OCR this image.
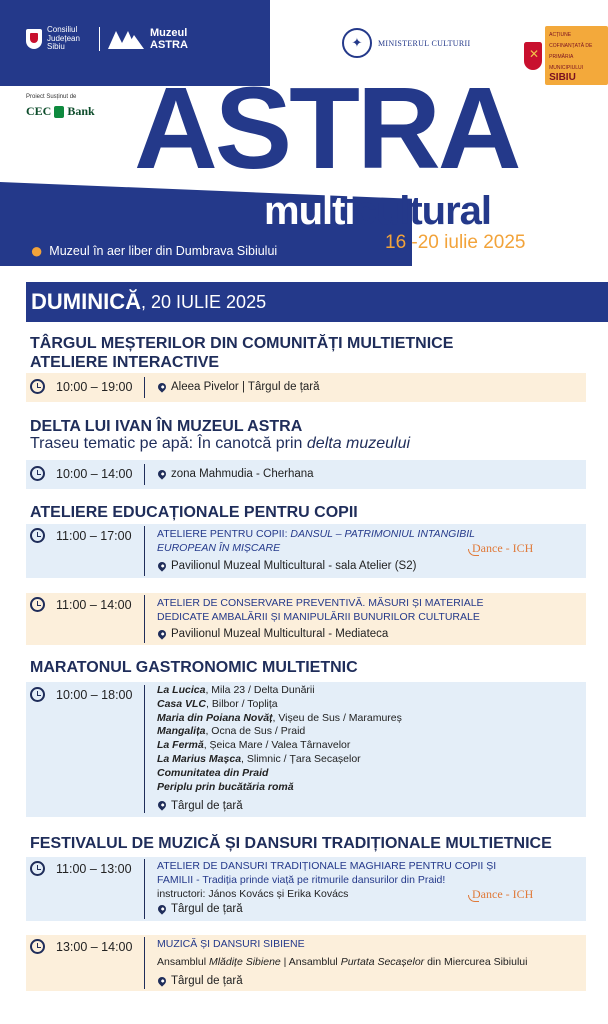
Consiliul
Județean
Sibiu
Muzeul
ASTRA	✦	MINISTERUL CULTURII
✕
ACȚIUNE COFINANȚATĂ DE
PRIMĂRIA MUNICIPIULUI
SIBIU
Proiect Susținut de
CEC Bank ASTRA
multicultural
16 -20 iulie 2025
● Muzeul în aer liber din Dumbrava Sibiului
DUMINICĂ , 20 IULIE 2025
TÂRGUL MEȘTERILOR DIN COMUNITĂȚI MULTIETNICE
ATELIERE INTERACTIVE
10:00 – 19:00	Aleea Pivelor | Târgul de țară
DELTA LUI IVAN ÎN MUZEUL ASTRA
Traseu tematic pe apă: În canotcă prin delta muzeului
10:00 – 14:00	zona Mahmudia - Cherhana
ATELIERE EDUCAȚIONALE PENTRU COPII
11:00 – 17:00 ATELIERE PENTRU COPII: DANSUL – PATRIMONIUL INTANGIBIL
EUROPEAN ÎN MIȘCARE
Pavilionul Muzeal Multicultural - sala Atelier (S2)
Dance - ICH
11:00 – 14:00 ATELIER DE CONSERVARE PREVENTIVĂ. MĂSURI ȘI MATERIALE
DEDICATE AMBALĂRII ȘI MANIPULĂRII BUNURILOR CULTURALE
Pavilionul Muzeal Multicultural - Mediateca
MARATONUL GASTRONOMIC MULTIETNIC
10:00 – 18:00 La Lucica, Mila 23 / Delta Dunării
Casa VLC, Bilbor / Toplița
Maria din Poiana Novăț, Vișeu de Sus / Maramureș
Mangalița, Ocna de Sus / Praid
La Fermă, Șeica Mare / Valea Târnavelor
La Marius Mașca, Slimnic / Țara Secașelor
Comunitatea din Praid
Periplu prin bucătăria romă
Târgul de țară
FESTIVALUL DE MUZICĂ ȘI DANSURI TRADIȚIONALE MULTIETNICE
11:00 – 13:00 ATELIER DE DANSURI TRADIȚIONALE MAGHIARE PENTRU COPII ȘI
FAMILII - Tradiția prinde viață pe ritmurile dansurilor din Praid!
instructori: János Kovács și Erika Kovács
Târgul de țară
Dance - ICH
13:00 – 14:00 MUZICĂ ȘI DANSURI SIBIENE
Ansamblul Mlădițe Sibiene | Ansamblul Purtata Secașelor din Miercurea Sibiului
Târgul de țară
